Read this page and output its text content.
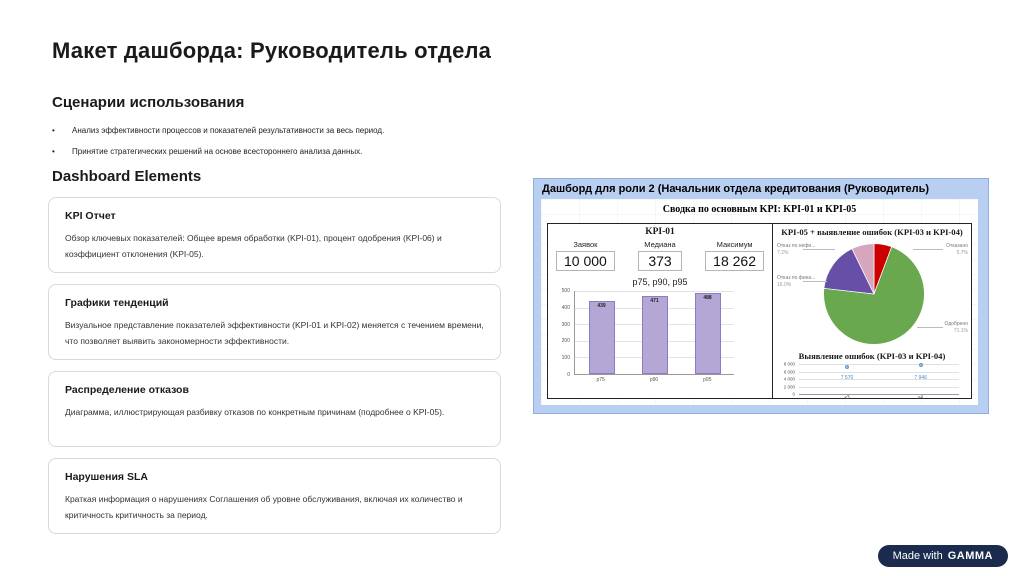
Макет дашборда: Руководитель отдела
Сценарии использования
•	Анализ эффективности процессов и показателей результативности за весь период.
•	Принятие стратегических решений на основе всестороннего анализа данных.
Dashboard Elements
KPI Отчет
Обзор ключевых показателей: Общее время обработки (KPI-01), процент одобрения (KPI-06) и коэффициент отклонения (KPI-05).
Графики тенденций
Визуальное представление показателей эффективности (KPI-01 и KPI-02) меняется с течением времени, что позволяет выявить закономерности эффективности.
Распределение отказов
Диаграмма, иллюстрирующая разбивку отказов по конкретным причинам (подробнее о KPI-05).
Нарушения SLA
Краткая информация о нарушениях Соглашения об уровне обслуживания, включая их количество и критичность критичность за период.
Дашборд для роли 2 (Начальник отдела кредитования (Руководитель)
Сводка по основным KPI: KPI-01 и KPI-05
KPI-01
Заявок
10 000
Медиана
373
Максимум
18 262
p75, p90, p95
0
100
200
300
400
500
439
471	488
p75	p90	p95
KPI-05 + выявление ошибок (KPI-03 и KPI-04)
Отказ по нефи...
7.2%
Отказ по фина...
16.0%
Отказано
5.7%
Одобрено
71.1%
Выявление ошибок (KPI-03 и KPI-04)
8 000
6 000
4 000
2 000
0
7 570	7 946
к3	к4
Made with GAMMA
